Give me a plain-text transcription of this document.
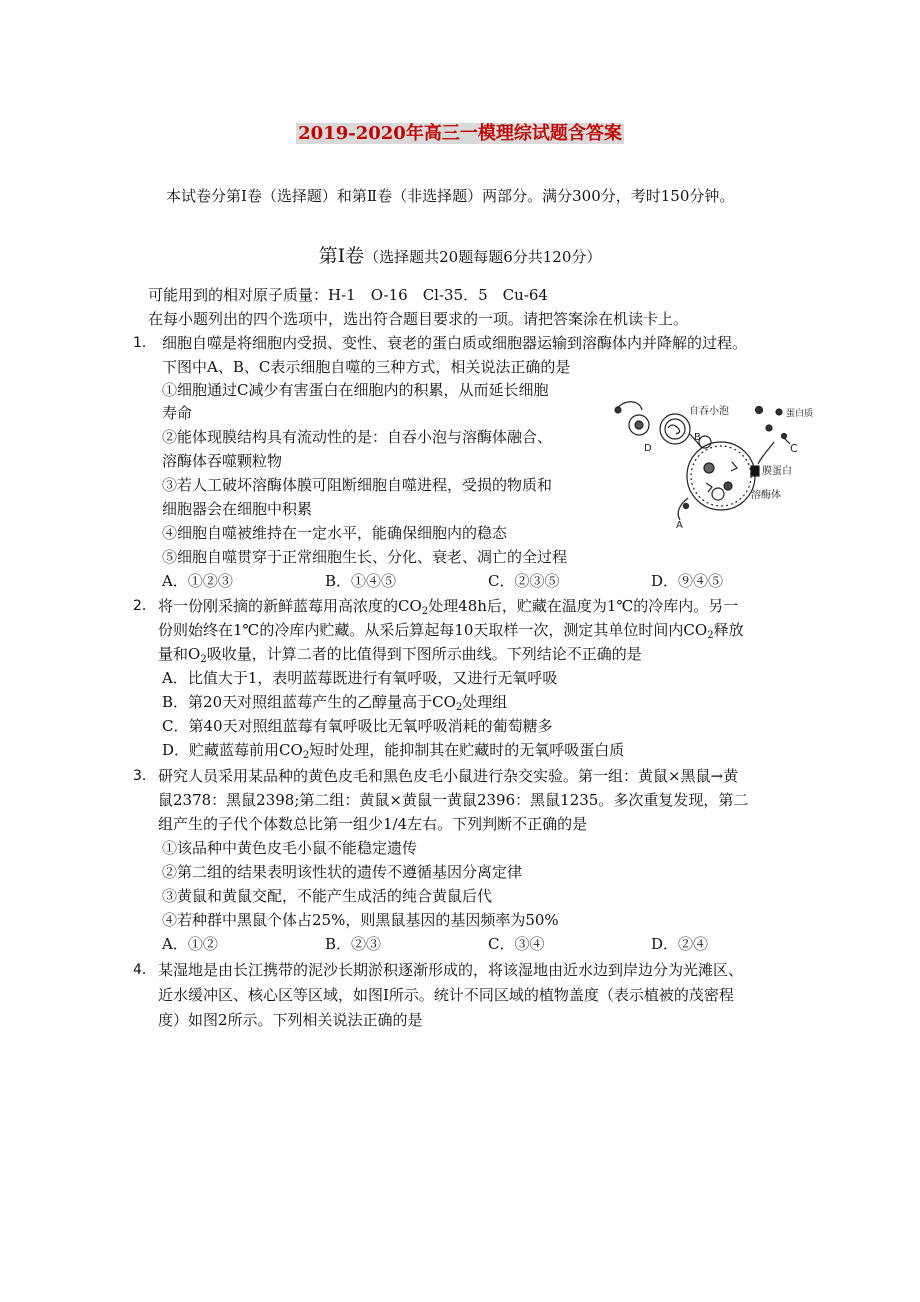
2019-2020年高三一模理综试题含答案
本试卷分第Ⅰ卷（选择题）和第Ⅱ卷（非选择题）两部分。满分300分，考时150分钟。
第Ⅰ卷（选择题共20题每题6分共120分）
可能用到的相对原子质量：H-1　O-16　Cl-35．5　Cu-64
在每小题列出的四个选项中，选出符合题目要求的一项。请把答案涂在机读卡上。
1． 细胞自噬是将细胞内受损、变性、衰老的蛋白质或细胞器运输到溶酶体内并降解的过程。
下图中A、B、C表示细胞自噬的三种方式，相关说法正确的是
①细胞通过C减少有害蛋白在细胞内的积累，从而延长细胞
寿命
②能体现膜结构具有流动性的是：自吞小泡与溶酶体融合、
溶酶体吞噬颗粒物
③若人工破坏溶酶体膜可阻断细胞自噬进程，受损的物质和
细胞器会在细胞中积累
④细胞自噬被维持在一定水平，能确保细胞内的稳态
⑤细胞自噬贯穿于正常细胞生长、分化、衰老、凋亡的全过程
A．①②③	B．①④⑤	C．②③⑤	D．⑨④⑤
自吞小泡	蛋白质
膜蛋白
溶酶体
D	C
B
A
2． 将一份刚采摘的新鲜蓝莓用高浓度的$CO_2$处理48h后，贮藏在温度为1℃的冷库内。另一
份则始终在1℃的冷库内贮藏。从采后算起每10天取样一次，测定其单位时间内$CO_2$释放
量和$O_2$吸收量，计算二者的比值得到下图所示曲线。下列结论不正确的是
A．比值大于1，表明蓝莓既进行有氧呼吸，又进行无氧呼吸
B．第20天对照组蓝莓产生的乙醇量高于$CO_2$处理组
C．第40天对照组蓝莓有氧呼吸比无氧呼吸消耗的葡萄糖多
D．贮藏蓝莓前用$CO_2$短时处理，能抑制其在贮藏时的无氧呼吸蛋白质
3． 研究人员采用某品种的黄色皮毛和黑色皮毛小鼠进行杂交实验。第一组：黄鼠×黑鼠→黄
鼠2378：黑鼠2398;第二组：黄鼠×黄鼠一黄鼠2396：黑鼠1235。多次重复发现，第二
组产生的子代个体数总比第一组少1/4左右。下列判断不正确的是
①该品种中黄色皮毛小鼠不能稳定遗传
②第二组的结果表明该性状的遗传不遵循基因分离定律
③黄鼠和黄鼠交配，不能产生成活的纯合黄鼠后代
④若种群中黑鼠个体占25%，则黑鼠基因的基因频率为50%
A．①②	B．②③	C．③④	D．②④
4． 某湿地是由长江携带的泥沙长期淤积逐渐形成的，将该湿地由近水边到岸边分为光滩区、
近水缓冲区、核心区等区域，如图Ⅰ所示。统计不同区域的植物盖度（表示植被的茂密程
度）如图2所示。下列相关说法正确的是
